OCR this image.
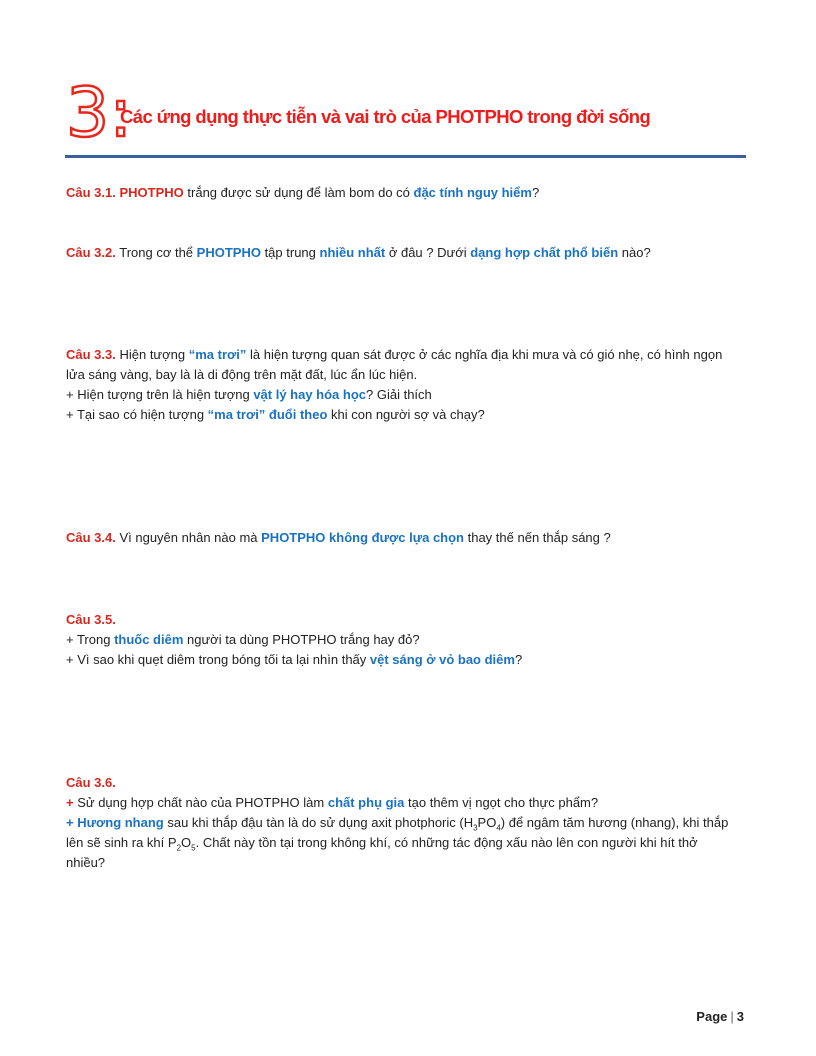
3:
Các ứng dụng thực tiễn và vai trò của PHOTPHO trong đời sống

Câu 3.1. PHOTPHO trắng được sử dụng để làm bom do có đặc tính nguy hiểm?

Câu 3.2. Trong cơ thể PHOTPHO tập trung nhiều nhất ở đâu ? Dưới dạng hợp chất phổ biến nào?

Câu 3.3. Hiện tượng “ma trơi” là hiện tượng quan sát được ở các nghĩa địa khi mưa và có gió nhẹ, có hình ngọn

lửa sáng vàng, bay là là di động trên mặt đất, lúc ẩn lúc hiện.

+ Hiện tượng trên là hiện tượng vật lý hay hóa học? Giải thích

+ Tại sao có hiện tượng “ma trơi” đuổi theo khi con người sợ và chạy?

Câu 3.4. Vì nguyên nhân nào mà PHOTPHO không được lựa chọn thay thế nến thắp sáng ?

Câu 3.5.

+ Trong thuốc diêm người ta dùng PHOTPHO trắng hay đỏ?

+ Vì sao khi quẹt diêm trong bóng tối ta lại nhìn thấy vệt sáng ở vỏ bao diêm?

Câu 3.6.

+ Sử dụng hợp chất nào của PHOTPHO làm chất phụ gia tạo thêm vị ngọt cho thực phẩm?

+ Hương nhang sau khi thắp đậu tàn là do sử dụng axit photphoric $(H_3PO_4)$ để ngâm tăm hương (nhang), khi thắp

lên sẽ sinh ra khí $P_2O_5$. Chất này tồn tại trong không khí, có những tác động xấu nào lên con người khi hít thở

nhiều?

Page | 3
